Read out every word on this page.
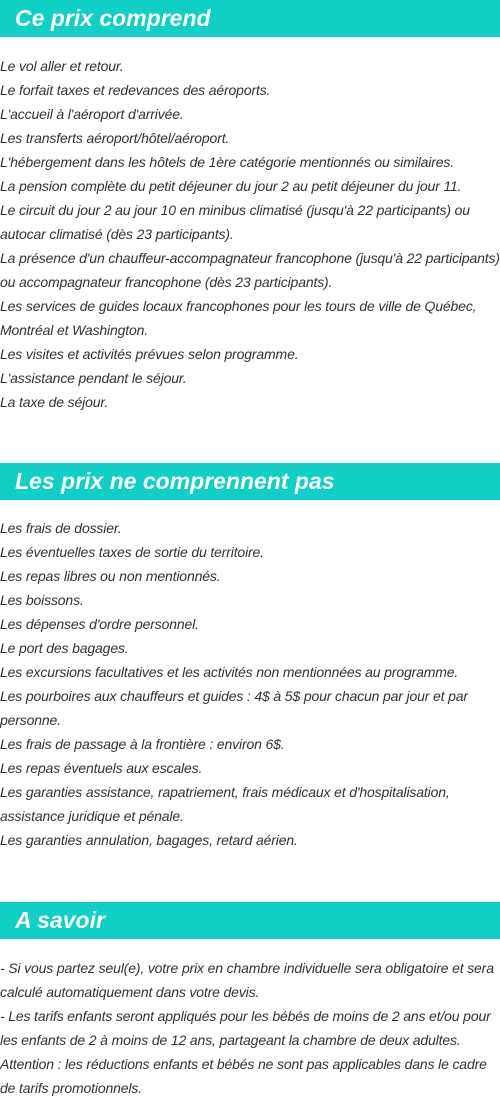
Ce prix comprend
Le vol aller et retour.
Le forfait taxes et redevances des aéroports.
L'accueil à l'aéroport d'arrivée.
Les transferts aéroport/hôtel/aéroport.
L'hébergement dans les hôtels de 1ère catégorie mentionnés ou similaires.
La pension complète du petit déjeuner du jour 2 au petit déjeuner du jour 11.
Le circuit du jour 2 au jour 10 en minibus climatisé (jusqu'à 22 participants) ou autocar climatisé (dès 23 participants).
La présence d'un chauffeur-accompagnateur francophone (jusqu'à 22 participants) ou accompagnateur francophone (dès 23 participants).
Les services de guides locaux francophones pour les tours de ville de Québec, Montréal et Washington.
Les visites et activités prévues selon programme.
L'assistance pendant le séjour.
La taxe de séjour.
Les prix ne comprennent pas
Les frais de dossier.
Les éventuelles taxes de sortie du territoire.
Les repas libres ou non mentionnés.
Les boissons.
Les dépenses d'ordre personnel.
Le port des bagages.
Les excursions facultatives et les activités non mentionnées au programme.
Les pourboires aux chauffeurs et guides : 4$ à 5$ pour chacun par jour et par personne.
Les frais de passage à la frontière : environ 6$.
Les repas éventuels aux escales.
Les garanties assistance, rapatriement, frais médicaux et d'hospitalisation, assistance juridique et pénale.
Les garanties annulation, bagages, retard aérien.
A savoir
- Si vous partez seul(e), votre prix en chambre individuelle sera obligatoire et sera calculé automatiquement dans votre devis.
- Les tarifs enfants seront appliqués pour les bébés de moins de 2 ans et/ou pour les enfants de 2 à moins de 12 ans, partageant la chambre de deux adultes.
Attention : les réductions enfants et bébés ne sont pas applicables dans le cadre de tarifs promotionnels.
